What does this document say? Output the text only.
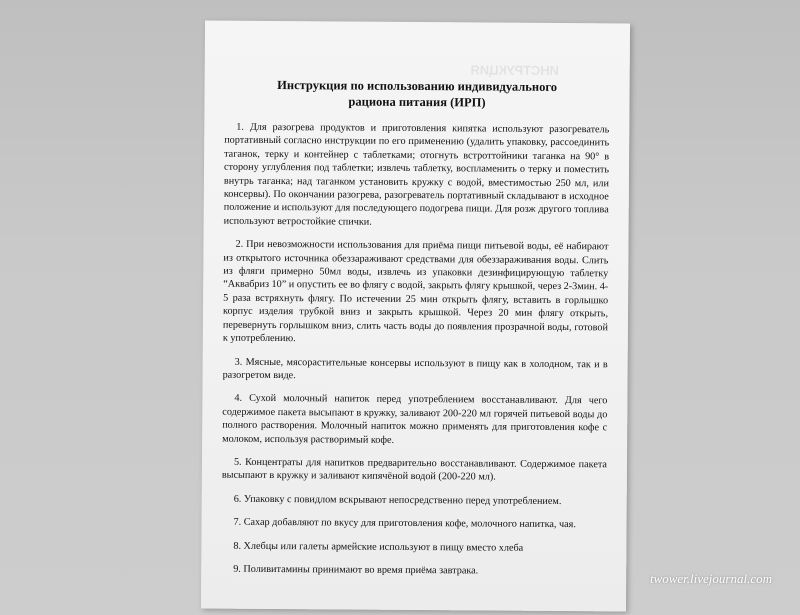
ИНСТРУКЦИЯ
Инструкция по использованию индивидуального
рациона питания (ИРП)

1. Для разогрева продуктов и приготовления кипятка используют разогреватель портативный согласно инструкции по его применению (удалить упаковку, рассоединить таганок, терку и контейнер с таблетками; отогнуть встроттойники таганка на 90° в сторону углубления под таблетки; извлечь таблетку, воспламенить о терку и поместить внутрь таганка; над таганком установить кружку с водой, вместимостью 250 мл, или консервы). По окончании разогрева, разогреватель портативный складывают в исходное положение и используют для последующего подогрева пищи. Для розж другого топлива используют ветростойкие спички.

2. При невозможности использования для приёма пищи питьевой воды, её набирают из открытого источника обеззараживают средствами для обеззараживания воды. Слить из фляги примерно 50мл воды, извлечь из упаковки дезинфицирующую таблетку “Аквабриз 10” и опустить ее во флягу с водой, закрыть флягу крышкой, через 2-3мин. 4-5 раза встряхнуть флягу. По истечении 25 мин открыть флягу, вставить в горлышко корпус изделия трубкой вниз и закрыть крышкой. Через 20 мин флягу открыть, перевернуть горлышком вниз, слить часть воды до появления прозрачной воды, готовой к употреблению.

3. Мясные, мясорастительные консервы используют в пищу как в холодном, так и в разогретом виде.

4. Сухой молочный напиток перед употреблением восстанавливают. Для чего содержимое пакета высыпают в кружку, заливают 200-220 мл горячей питьевой воды до полного растворения. Молочный напиток можно применять для приготовления кофе с молоком, используя растворимый кофе.

5. Концентраты для напитков предварительно восстанавливают. Содержимое пакета высыпают в кружку и заливают кипячёной водой (200-220 мл).

6. Упаковку с повидлом вскрывают непосредственно перед употреблением.

7. Сахар добавляют по вкусу для приготовления кофе, молочного напитка, чая.

8. Хлебцы или галеты армейские используют в пищу вместо хлеба

9. Поливитамины принимают во время приёма завтрака.

twower.livejournal.com
